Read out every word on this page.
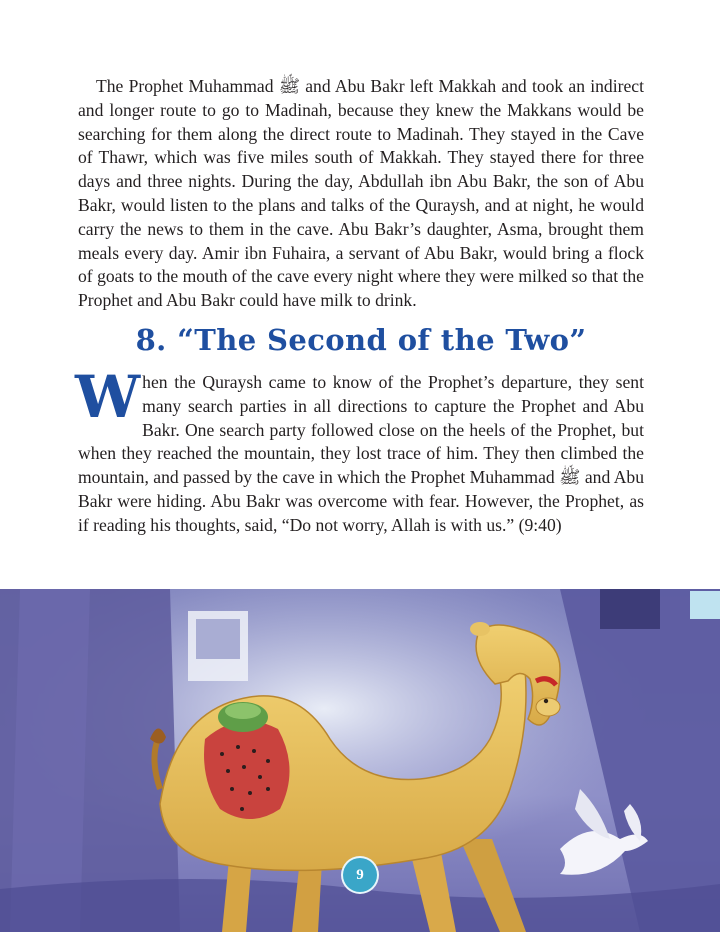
The Prophet Muhammad ﷺ and Abu Bakr left Makkah and took an indirect and longer route to go to Madinah, because they knew the Makkans would be searching for them along the direct route to Madinah. They stayed in the Cave of Thawr, which was five miles south of Makkah. They stayed there for three days and three nights. During the day, Abdullah ibn Abu Bakr, the son of Abu Bakr, would listen to the plans and talks of the Quraysh, and at night, he would carry the news to them in the cave. Abu Bakr’s daughter, Asma, brought them meals every day. Amir ibn Fuhaira, a servant of Abu Bakr, would bring a flock of goats to the mouth of the cave every night where they were milked so that the Prophet and Abu Bakr could have milk to drink.

8. “The Second of the Two”

When the Quraysh came to know of the Prophet’s departure, they sent many search parties in all directions to capture the Prophet and Abu Bakr. One search party followed close on the heels of the Prophet, but when they reached the mountain, they lost trace of him. They then climbed the mountain, and passed by the cave in which the Prophet Muhammad ﷺ and Abu Bakr were hiding. Abu Bakr was overcome with fear. However, the Prophet, as if reading his thoughts, said, “Do not worry, Allah is with us.” (9:40)

9
